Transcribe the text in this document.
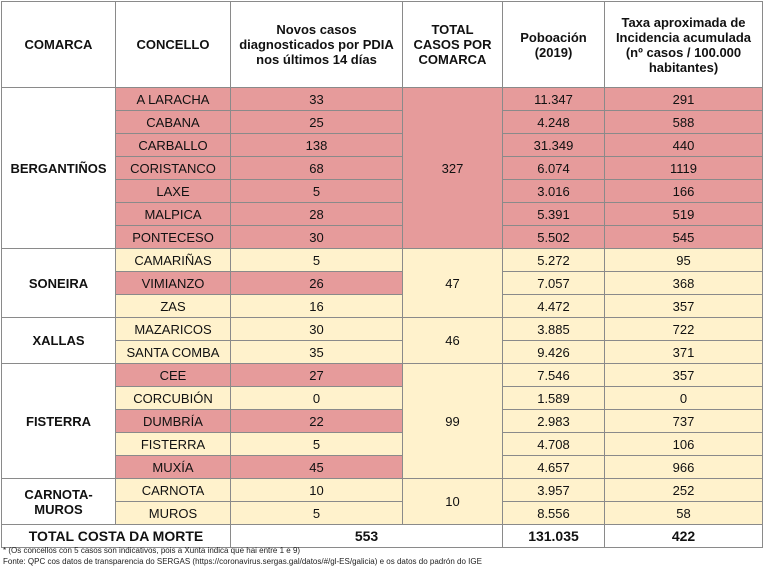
COMARCA	CONCELLO	Novos casos diagnosticados por PDIA nos últimos 14 días	TOTAL CASOS POR COMARCA	Poboación (2019)	Taxa aproximada de Incidencia acumulada (nº casos / 100.000 habitantes)
BERGANTIÑOS	A LARACHA	33	327	11.347	291
	CABANA	25		4.248	588
	CARBALLO	138		31.349	440
	CORISTANCO	68		6.074	1119
	LAXE	5		3.016	166
	MALPICA	28		5.391	519
	PONTECESO	30		5.502	545
SONEIRA	CAMARIÑAS	5	47	5.272	95
	VIMIANZO	26		7.057	368
	ZAS	16		4.472	357
XALLAS	MAZARICOS	30	46	3.885	722
	SANTA COMBA	35		9.426	371
FISTERRA	CEE	27	99	7.546	357
	CORCUBIÓN	0		1.589	0
	DUMBRÍA	22		2.983	737
	FISTERRA	5		4.708	106
	MUXÍA	45		4.657	966
CARNOTA-MUROS	CARNOTA	10	10	3.957	252
	MUROS	5		8.556	58
TOTAL COSTA DA MORTE		553		131.035	422
* (Os concellos con 5 casos son indicativos, pois a Xunta indica que hai entre 1 e 9)
Fonte: QPC cos datos de transparencia do SERGAS (https://coronavirus.sergas.gal/datos/#/gl-ES/galicia) e os datos do padrón do IGE
